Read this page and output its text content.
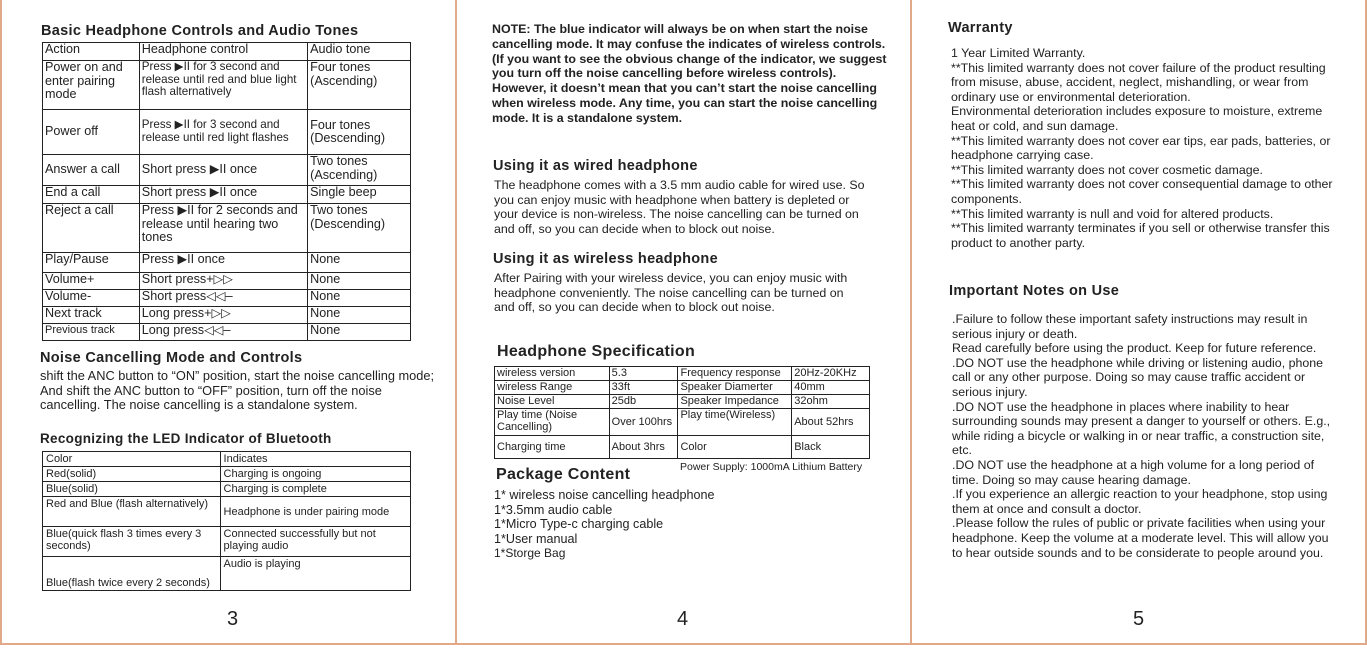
Basic Headphone Controls and Audio Tones
Action	Headphone control	Audio tone
Power on and enter pairing mode	Press ▶II for 3 second and release until red and blue light flash alternatively	Four tones (Ascending)
Power off	Press ▶II for 3 second and release until red light flashes	Four tones (Descending)
Answer a call	Short press ▶II once	Two tones (Ascending)
End a call	Short press ▶II once	Single beep
Reject a call	Press ▶II for 2 seconds and release until hearing two tones	Two tones (Descending)
Play/Pause	Press ▶II once	None
Volume+	Short press+▷▷	None
Volume-	Short press◁◁–	None
Next track	Long press+▷▷	None
Previous track	Long press◁◁–	None
Noise Cancelling Mode and Controls
shift the ANC button to “ON” position, start the noise cancelling mode; And shift the ANC button to “OFF” position, turn off the noise cancelling. The noise cancelling is a standalone system.
Recognizing the LED Indicator of Bluetooth
Color	Indicates
Red(solid)	Charging is ongoing
Blue(solid)	Charging is complete
Red and Blue (flash alternatively)	Headphone is under pairing mode
Blue(quick flash 3 times every 3 seconds)	Connected successfully but not playing audio
Blue(flash twice every 2 seconds)	Audio is playing
3
NOTE: The blue indicator will always be on when start the noise cancelling mode. It may confuse the indicates of wireless controls. (If you want to see the obvious change of the indicator, we suggest you turn off the noise cancelling before wireless controls). However, it doesn’t mean that you can’t start the noise cancelling when wireless mode. Any time, you can start the noise cancelling mode. It is a standalone system.
Using it as wired headphone
The headphone comes with a 3.5 mm audio cable for wired use. So you can enjoy music with headphone when battery is depleted or your device is non-wireless. The noise cancelling can be turned on and off, so you can decide when to block out noise.
Using it as wireless headphone
After Pairing with your wireless device, you can enjoy music with headphone conveniently. The noise cancelling can be turned on and off, so you can decide when to block out noise.
Headphone Specification
wireless version	5.3	Frequency response	20Hz-20KHz
wireless Range	33ft	Speaker Diamerter	40mm
Noise Level	25db	Speaker Impedance	32ohm
Play time (Noise Cancelling)	Over 100hrs	Play time(Wireless)	About 52hrs
Charging time	About 3hrs	Color	Black
Power Supply: 1000mA Lithium Battery
Package Content
1* wireless noise cancelling headphone
1*3.5mm audio cable
1*Micro Type-c charging cable
1*User manual
1*Storge Bag
4
Warranty

1 Year Limited Warranty.

**This limited warranty does not cover failure of the product resulting from misuse, abuse, accident, neglect, mishandling, or wear from ordinary use or environmental deterioration.

Environmental deterioration includes exposure to moisture, extreme heat or cold, and sun damage.

**This limited warranty does not cover ear tips, ear pads, batteries, or headphone carrying case.

**This limited warranty does not cover cosmetic damage.

**This limited warranty does not cover consequential damage to other components.

**This limited warranty is null and void for altered products.

**This limited warranty terminates if you sell or otherwise transfer this product to another party.

Important Notes on Use

.Failure to follow these important safety instructions may result in serious injury or death.

Read carefully before using the product. Keep for future reference.

.DO NOT use the headphone while driving or listening audio, phone call or any other purpose. Doing so may cause traffic accident or serious injury.

.DO NOT use the headphone in places where inability to hear surrounding sounds may present a danger to yourself or others. E.g., while riding a bicycle or walking in or near traffic, a construction site, etc.

.DO NOT use the headphone at a high volume for a long period of time. Doing so may cause hearing damage.

.If you experience an allergic reaction to your headphone, stop using them at once and consult a doctor.

.Please follow the rules of public or private facilities when using your headphone. Keep the volume at a moderate level. This will allow you to hear outside sounds and to be considerate to people around you.

5
